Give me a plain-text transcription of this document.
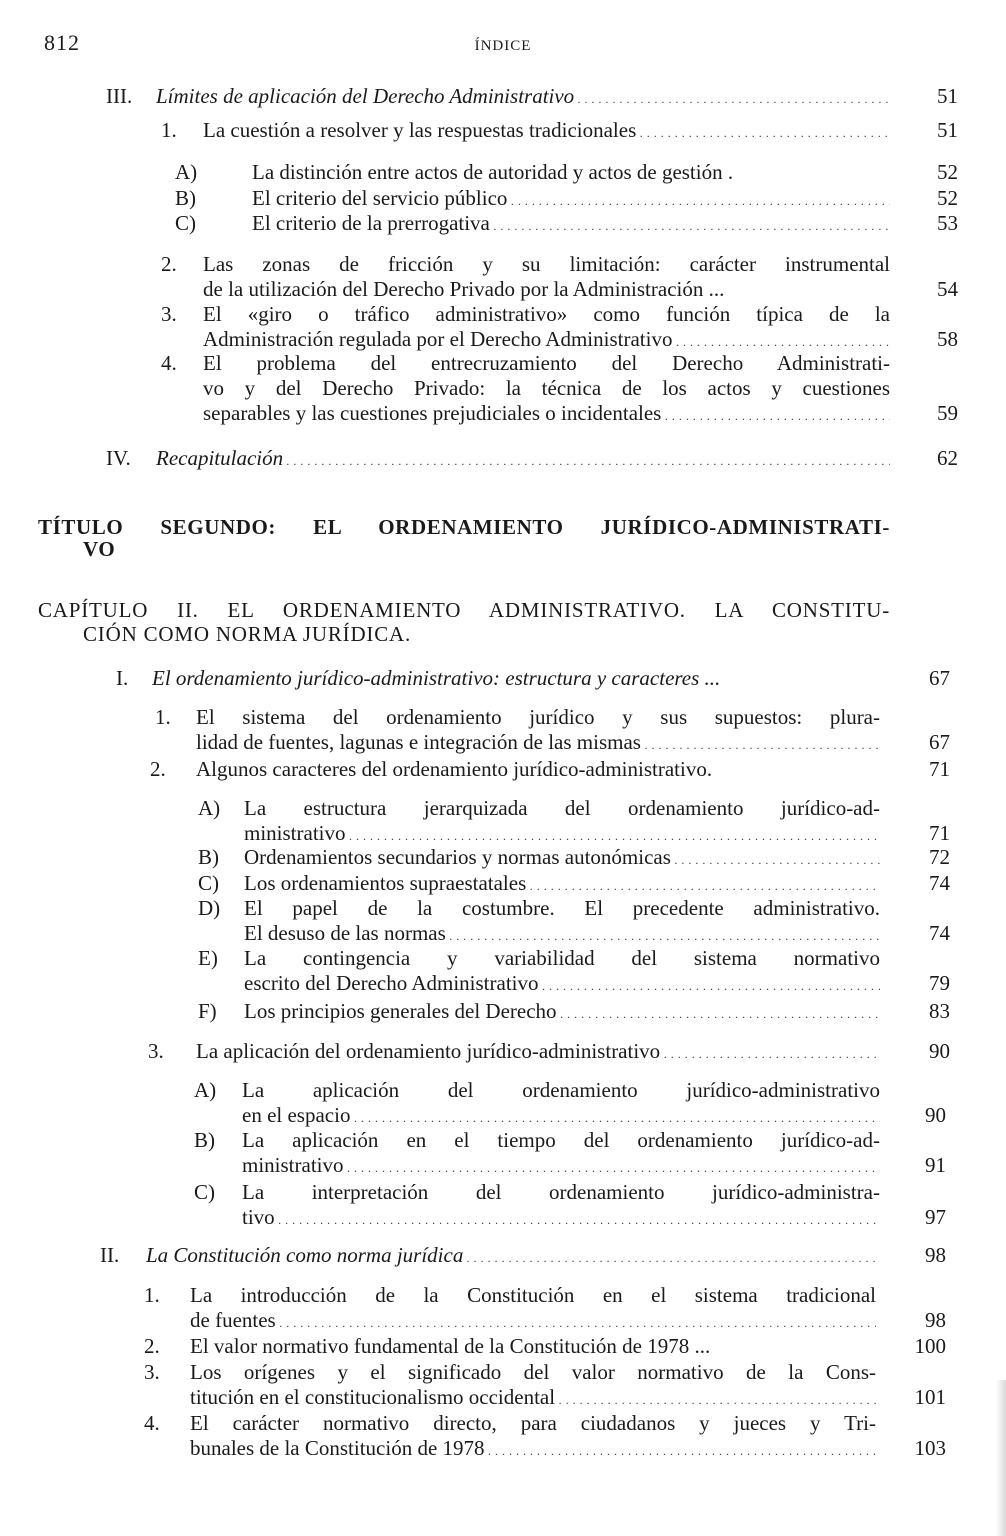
812	ÍNDICE
TÍTULO SEGUNDO: EL ORDENAMIENTO JURÍDICO-ADMINISTRATI-
VO
CAPÍTULO II. EL ORDENAMIENTO ADMINISTRATIVO. LA CONSTITU-
CIÓN COMO NORMA JURÍDICA.
III. Límites de aplicación del Derecho Administrativo . . .	51
1. La cuestión a resolver y las respuestas tradicionales . . .	51
A)	La distinción entre actos de autoridad y actos de gestión .	52
B)	El criterio del servicio público . . .	52
C)	El criterio de la prerrogativa . . .	53
2. Las zonas de fricción y su limitación: carácter instrumental
de la utilización del Derecho Privado por la Administración ...	54
3. El «giro o tráfico administrativo» como función típica de la
Administración regulada por el Derecho Administrativo . . .	58
4. El problema del entrecruzamiento del Derecho Administrati-
vo y del Derecho Privado: la técnica de los actos y cuestiones
separables y las cuestiones prejudiciales o incidentales . . .	59
IV. Recapitulación . . .	62
I. El ordenamiento jurídico-administrativo: estructura y caracteres ...	67
1. El sistema del ordenamiento jurídico y sus supuestos: plura-
lidad de fuentes, lagunas e integración de las mismas . . .	67
2. Algunos caracteres del ordenamiento jurídico-administrativo.	71
A) La estructura jerarquizada del ordenamiento jurídico-ad-
ministrativo . . .	71
B) Ordenamientos secundarios y normas autonómicas . . .	72
C) Los ordenamientos supraestatales . . .	74
D) El papel de la costumbre. El precedente administrativo.
El desuso de las normas . . .	74
E) La contingencia y variabilidad del sistema normativo
escrito del Derecho Administrativo . . .	79
F) Los principios generales del Derecho . . .	83
3. La aplicación del ordenamiento jurídico-administrativo . . .	90
A) La aplicación del ordenamiento jurídico-administrativo
en el espacio . . .	90
B) La aplicación en el tiempo del ordenamiento jurídico-ad-
ministrativo . . .	91
C) La interpretación del ordenamiento jurídico-administra-
tivo . . .	97
II. La Constitución como norma jurídica . . .	98
1. La introducción de la Constitución en el sistema tradicional
de fuentes . . .	98
2. El valor normativo fundamental de la Constitución de 1978 ...	100
3. Los orígenes y el significado del valor normativo de la Cons-
titución en el constitucionalismo occidental . . .	101
4. El carácter normativo directo, para ciudadanos y jueces y Tri-
bunales de la Constitución de 1978 . . .	103
